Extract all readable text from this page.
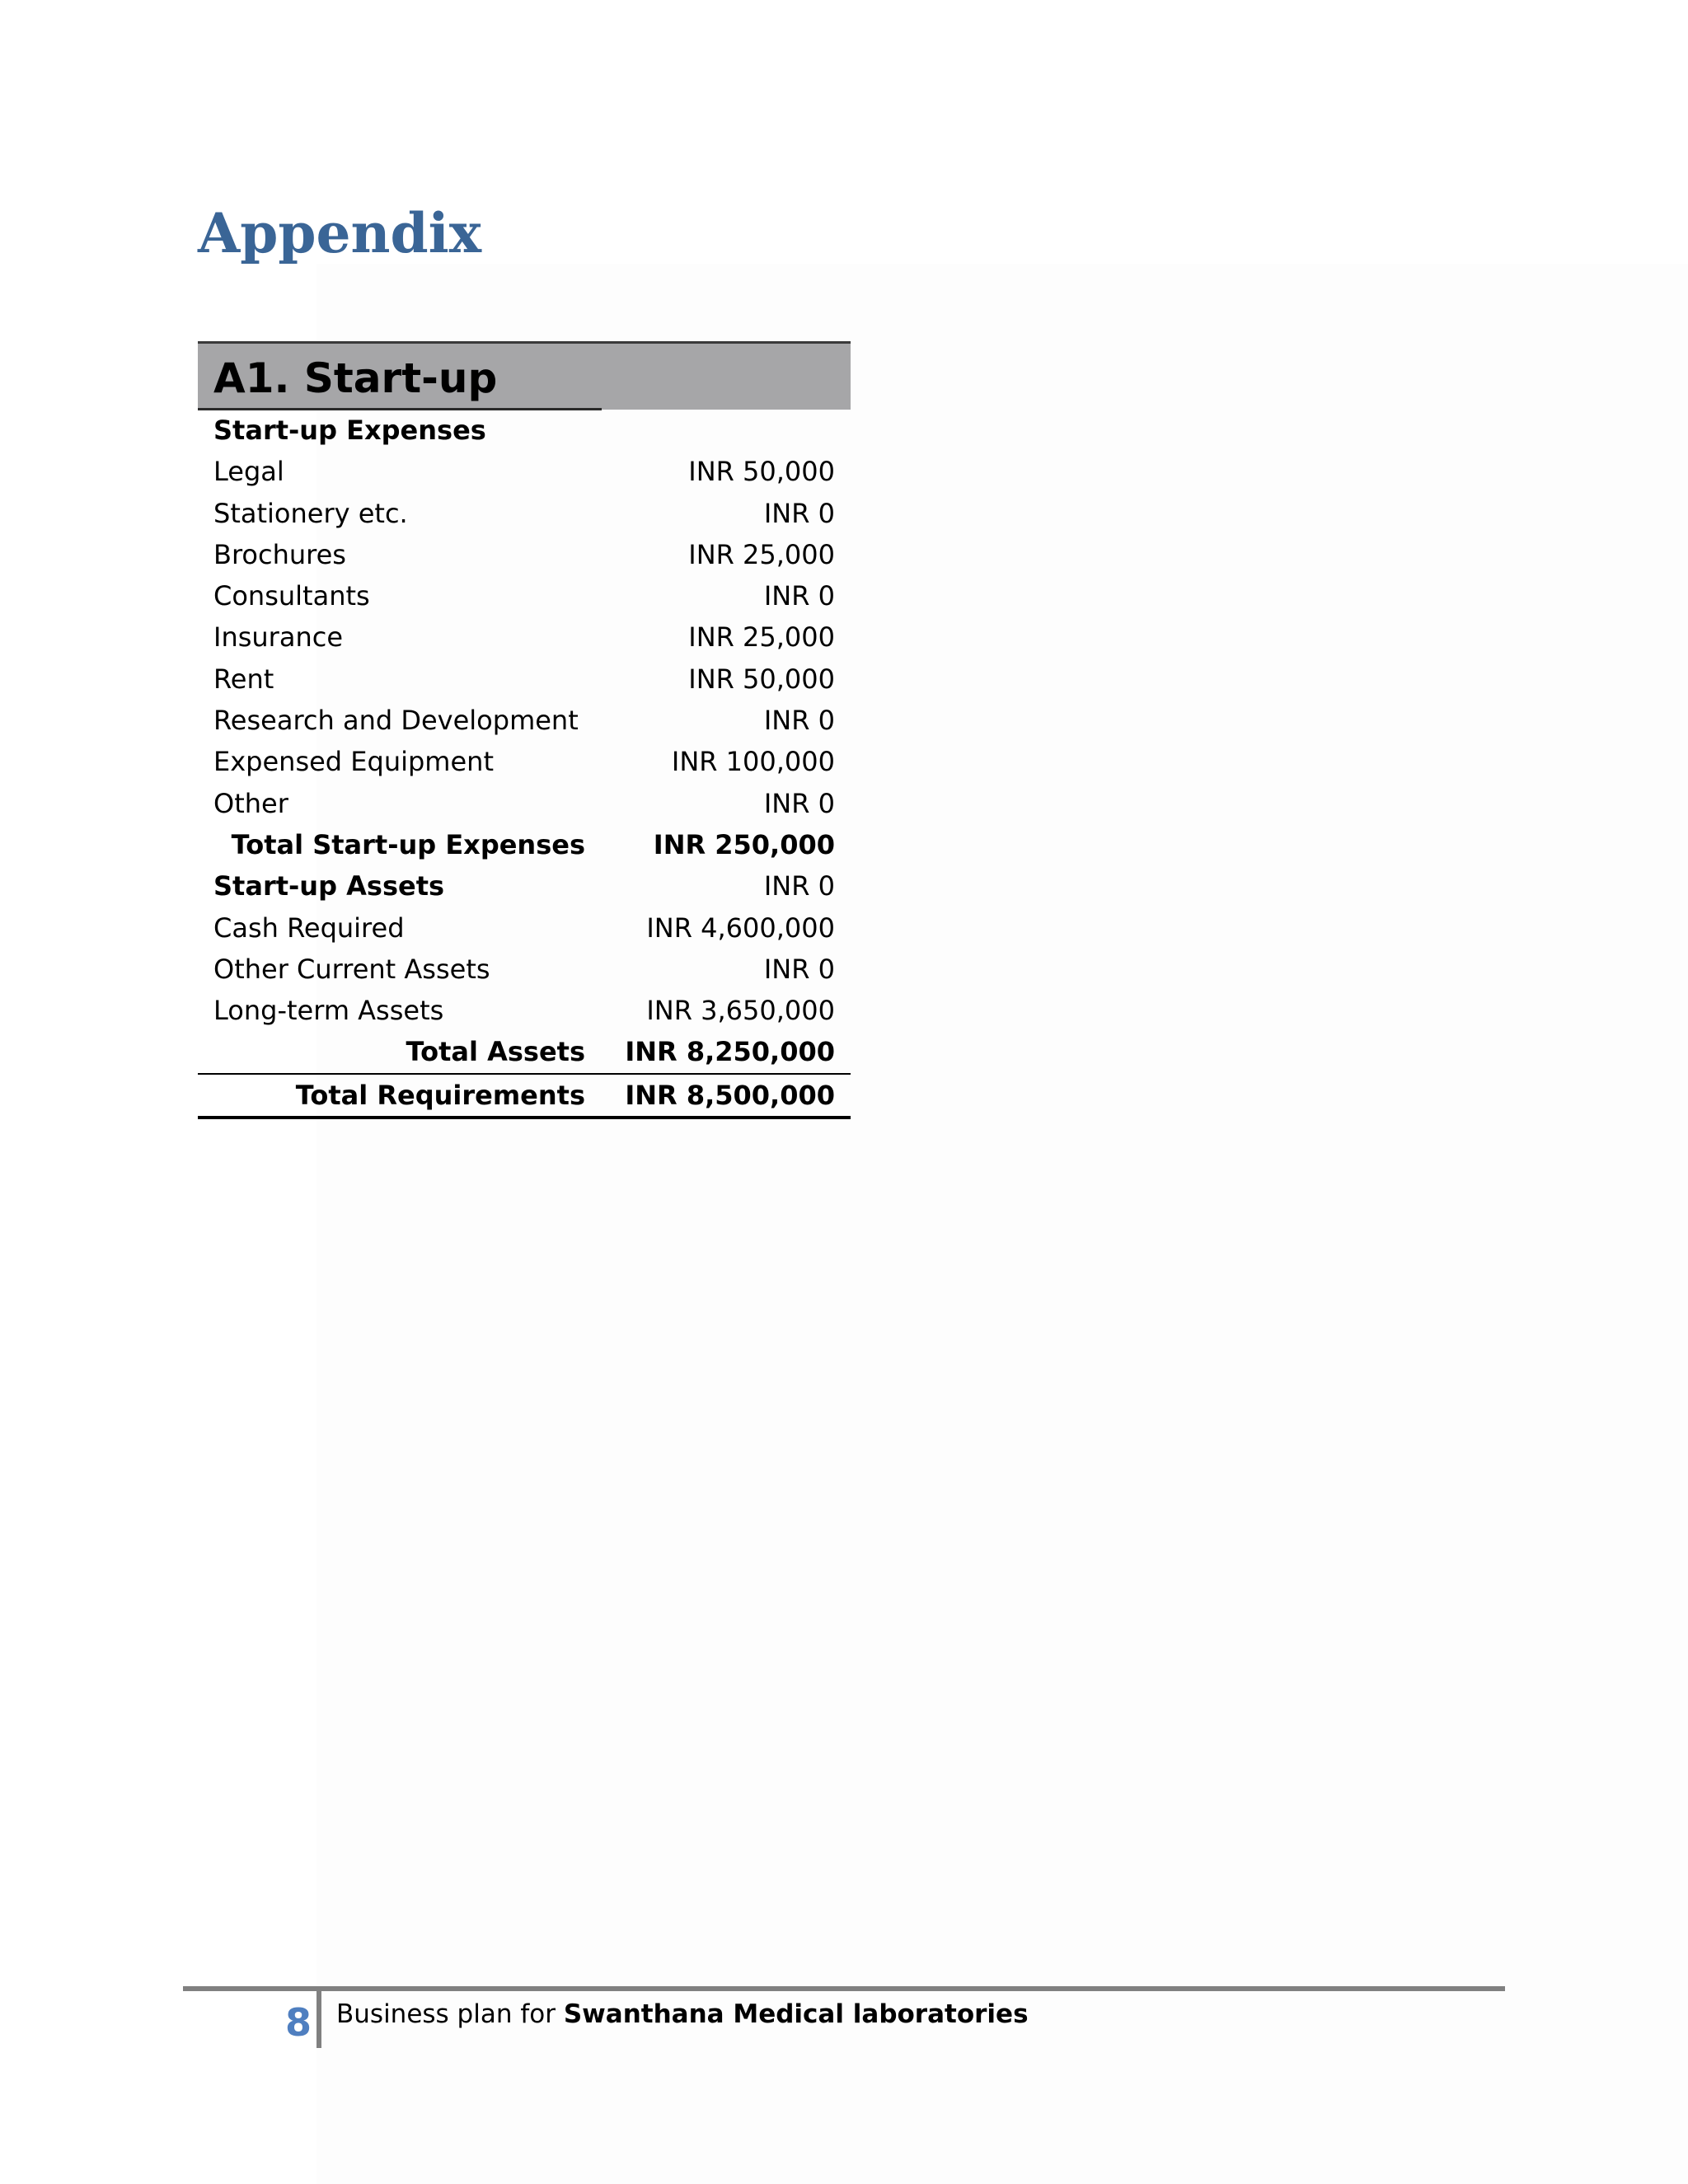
Appendix
A1. Start-up
Start-up Expenses
Legal	INR 50,000
Stationery etc.	INR 0
Brochures	INR 25,000
Consultants	INR 0
Insurance	INR 25,000
Rent	INR 50,000
Research and Development	INR 0
Expensed Equipment	INR 100,000
Other	INR 0
Total Start-up Expenses	INR 250,000
Start-up Assets	INR 0
Cash Required	INR 4,600,000
Other Current Assets	INR 0
Long-term Assets	INR 3,650,000
Total Assets INR 8,250,000
Total Requirements INR 8,500,000
8 Business plan for Swanthana Medical laboratories
